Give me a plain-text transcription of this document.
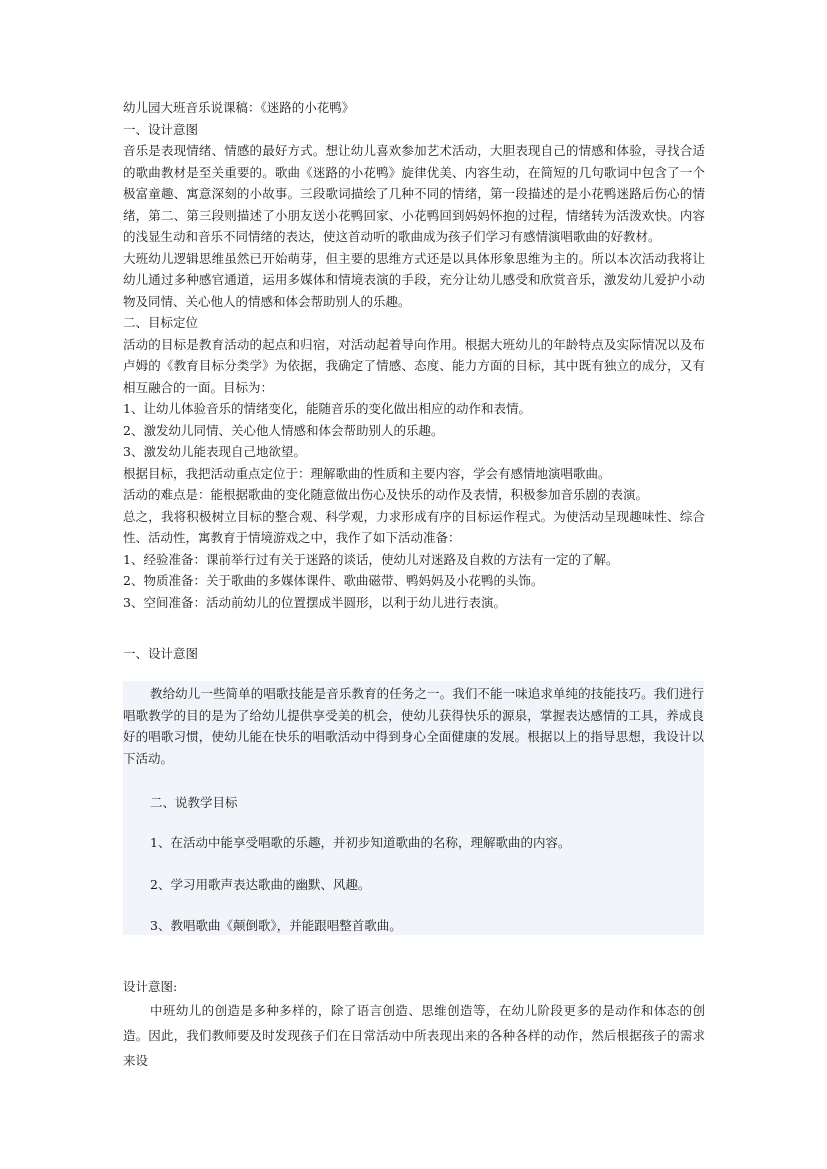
幼儿园大班音乐说课稿：《迷路的小花鸭》

一、设计意图

音乐是表现情绪、情感的最好方式。想让幼儿喜欢参加艺术活动，大胆表现自己的情感和体验，寻找合适的歌曲教材是至关重要的。歌曲《迷路的小花鸭》旋律优美、内容生动，在简短的几句歌词中包含了一个极富童趣、寓意深刻的小故事。三段歌词描绘了几种不同的情绪，第一段描述的是小花鸭迷路后伤心的情绪，第二、第三段则描述了小朋友送小花鸭回家、小花鸭回到妈妈怀抱的过程，情绪转为活泼欢快。内容的浅显生动和音乐不同情绪的表达，使这首动听的歌曲成为孩子们学习有感情演唱歌曲的好教材。

大班幼儿逻辑思维虽然已开始萌芽，但主要的思维方式还是以具体形象思维为主的。所以本次活动我将让幼儿通过多种感官通道，运用多媒体和情境表演的手段，充分让幼儿感受和欣赏音乐，激发幼儿爱护小动物及同情、关心他人的情感和体会帮助别人的乐趣。

二、目标定位

活动的目标是教育活动的起点和归宿，对活动起着导向作用。根据大班幼儿的年龄特点及实际情况以及布卢姆的《教育目标分类学》为依据，我确定了情感、态度、能力方面的目标，其中既有独立的成分，又有相互融合的一面。目标为：

1、让幼儿体验音乐的情绪变化，能随音乐的变化做出相应的动作和表情。

2、激发幼儿同情、关心他人情感和体会帮助别人的乐趣。

3、激发幼儿能表现自己地欲望。

根据目标，我把活动重点定位于：理解歌曲的性质和主要内容，学会有感情地演唱歌曲。

活动的难点是：能根据歌曲的变化随意做出伤心及快乐的动作及表情，积极参加音乐剧的表演。

总之，我将积极树立目标的整合观、科学观，力求形成有序的目标运作程式。为使活动呈现趣味性、综合性、活动性，寓教育于情境游戏之中，我作了如下活动准备：

1、经验准备：课前举行过有关于迷路的谈话，使幼儿对迷路及自救的方法有一定的了解。

2、物质准备：关于歌曲的多媒体课件、歌曲磁带、鸭妈妈及小花鸭的头饰。

3、空间准备：活动前幼儿的位置摆成半圆形，以利于幼儿进行表演。

一、设计意图

教给幼儿一些简单的唱歌技能是音乐教育的任务之一。我们不能一味追求单纯的技能技巧。我们进行唱歌教学的目的是为了给幼儿提供享受美的机会，使幼儿获得快乐的源泉，掌握表达感情的工具，养成良好的唱歌习惯，使幼儿能在快乐的唱歌活动中得到身心全面健康的发展。根据以上的指导思想，我设计以下活动。

二、说教学目标

1、在活动中能享受唱歌的乐趣，并初步知道歌曲的名称，理解歌曲的内容。

2、学习用歌声表达歌曲的幽默、风趣。

3、教唱歌曲《颠倒歌》，并能跟唱整首歌曲。

设计意图:

中班幼儿的创造是多种多样的，除了语言创造、思维创造等，在幼儿阶段更多的是动作和体态的创造。因此，我们教师要及时发现孩子们在日常活动中所表现出来的各种各样的动作，然后根据孩子的需求来设
